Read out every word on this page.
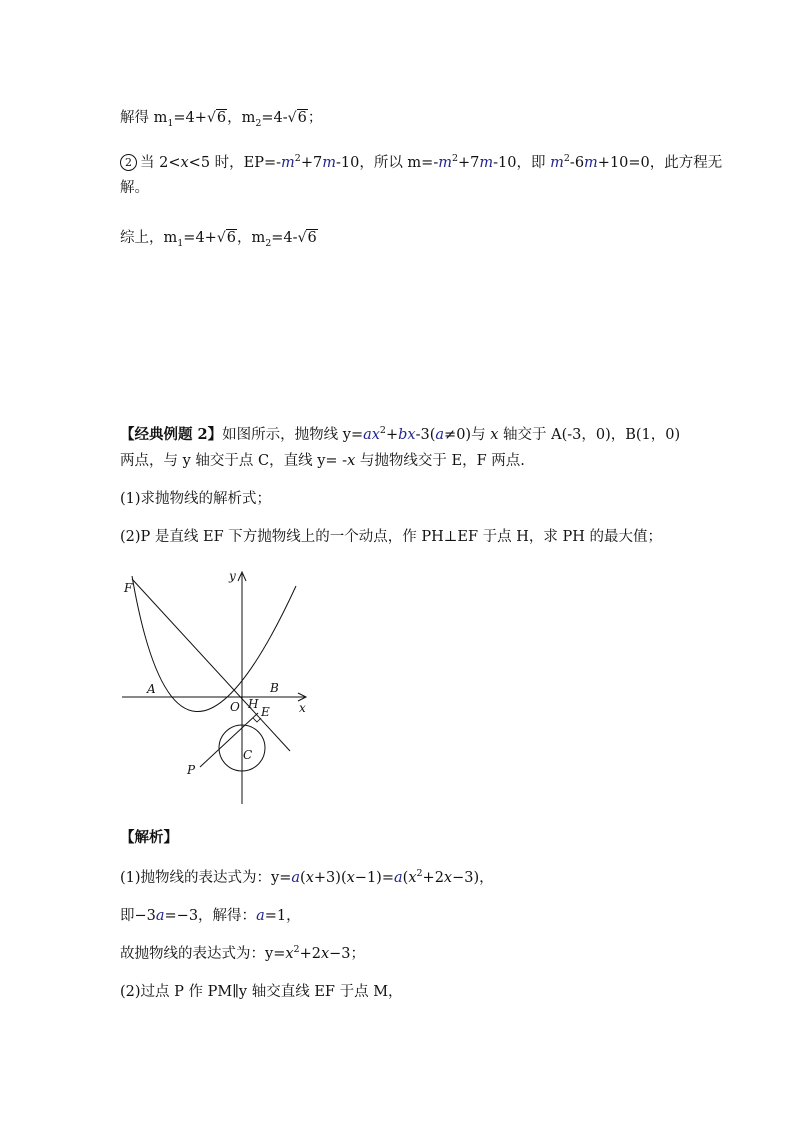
解得 $m_1=4+√6$，$m_2=4-√6$；
2 当 2<x<5 时，$EP=-m^2+7m-10$，所以 $m=-m^2+7m-10$，即 $m^2-6m+10=0$，此方程无
解。
综上，$m_1=4+√6$，$m_2=4-√6$
【经典例题 2】如图所示，抛物线 $y=ax^2+bx-3(a\ne 0)$与 x 轴交于 A(-3，0)，B(1，0)
两点，与 y 轴交于点 C，直线 y= -x 与抛物线交于 E，F 两点.
(1)求抛物线的解析式；
(2)P 是直线 EF 下方抛物线上的一个动点，作 PH⊥EF 于点 H，求 PH 的最大值；
y
x
F
A
O H
B
E
C
P
【解析】
(1)抛物线的表达式为：$y=a(x+3)(x-1)=a(x^2+2x-3)$，
即−3a=−3，解得：a=1，
故抛物线的表达式为：$y=x^2+2x-3$；
(2)过点 P 作 PM∥y 轴交直线 EF 于点 M，
